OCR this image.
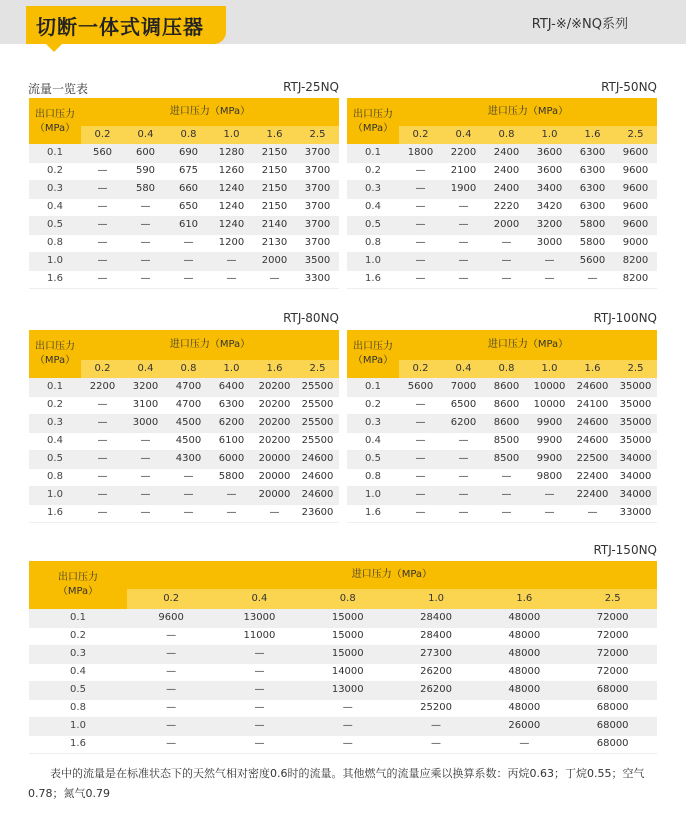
切断一体式调压器	RTJ-※/※NQ系列
流量一览表	RTJ-25NQ
出口压力
（MPa）	进口压力（MPa）					
	0.2	0.4	0.8	1.0	1.6	2.5
0.1	560	600	690	1280	2150	3700
0.2	—	590	675	1260	2150	3700
0.3	—	580	660	1240	2150	3700
0.4	—	—	650	1240	2150	3700
0.5	—	—	610	1240	2140	3700
0.8	—	—	—	1200	2130	3700
1.0	—	—	—	—	2000	3500
1.6	—	—	—	—	—	3300
RTJ-50NQ
出口压力
（MPa）	进口压力（MPa）					
	0.2	0.4	0.8	1.0	1.6	2.5
0.1	1800	2200	2400	3600	6300	9600
0.2	—	2100	2400	3600	6300	9600
0.3	—	1900	2400	3400	6300	9600
0.4	—	—	2220	3420	6300	9600
0.5	—	—	2000	3200	5800	9600
0.8	—	—	—	3000	5800	9000
1.0	—	—	—	—	5600	8200
1.6	—	—	—	—	—	8200
RTJ-80NQ
出口压力
（MPa）	进口压力（MPa）					
	0.2	0.4	0.8	1.0	1.6	2.5
0.1	2200	3200	4700	6400	20200	25500
0.2	—	3100	4700	6300	20200	25500
0.3	—	3000	4500	6200	20200	25500
0.4	—	—	4500	6100	20200	25500
0.5	—	—	4300	6000	20000	24600
0.8	—	—	—	5800	20000	24600
1.0	—	—	—	—	20000	24600
1.6	—	—	—	—	—	23600
RTJ-100NQ
出口压力
（MPa）	进口压力（MPa）					
	0.2	0.4	0.8	1.0	1.6	2.5
0.1	5600	7000	8600	10000	24600	35000
0.2	—	6500	8600	10000	24100	35000
0.3	—	6200	8600	9900	24600	35000
0.4	—	—	8500	9900	24600	35000
0.5	—	—	8500	9900	22500	34000
0.8	—	—	—	9800	22400	34000
1.0	—	—	—	—	22400	34000
1.6	—	—	—	—	—	33000
RTJ-150NQ
出口压力
（MPa）	进口压力（MPa）					
	0.2	0.4	0.8	1.0	1.6	2.5
0.1	9600	13000	15000	28400	48000	72000
0.2	—	11000	15000	28400	48000	72000
0.3	—	—	15000	27300	48000	72000
0.4	—	—	14000	26200	48000	72000
0.5	—	—	13000	26200	48000	68000
0.8	—	—	—	25200	48000	68000
1.0	—	—	—	—	26000	68000
1.6	—	—	—	—	—	68000

表中的流量是在标准状态下的天然气相对密度0.6时的流量。其他燃气的流量应乘以换算系数：丙烷0.63；丁烷0.55；空气0.78；氮气0.79
